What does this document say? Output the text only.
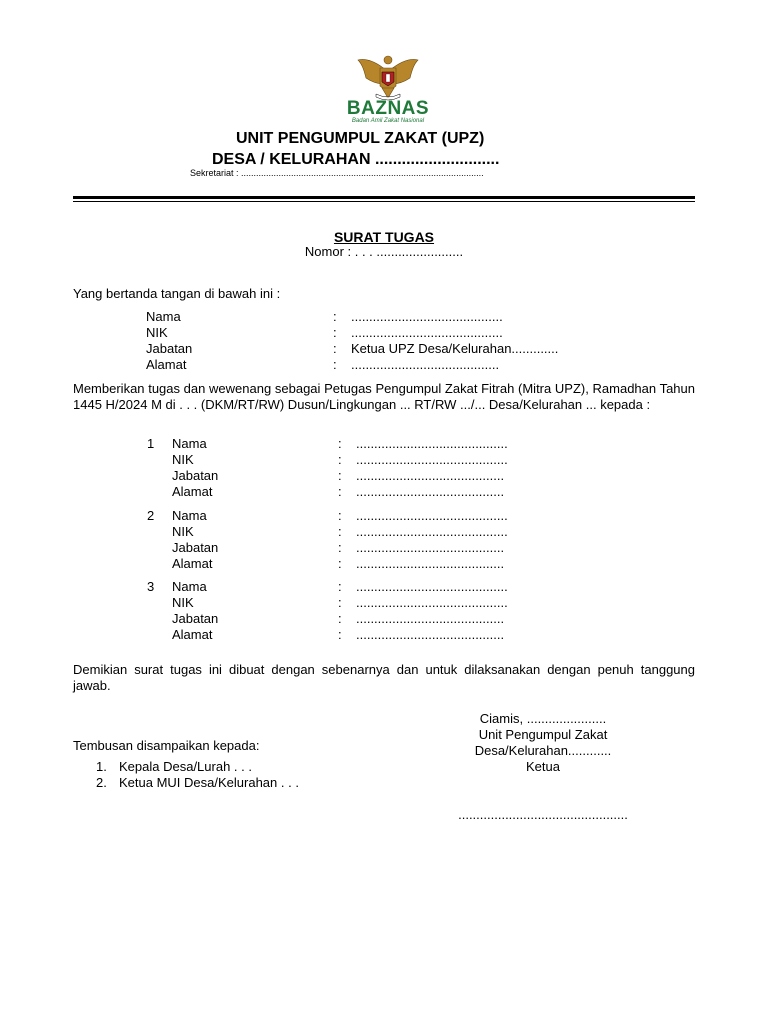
BAZNAS
Badan Amil Zakat Nasional
UNIT PENGUMPUL ZAKAT (UPZ)
DESA / KELURAHAN ............................
Sekretariat : .................................................................................................
SURAT TUGAS
Nomor : . . . ........................
Yang bertanda tangan di bawah ini :
Nama	: ..........................................
NIK	: ..........................................
Jabatan	: Ketua UPZ Desa/Kelurahan.............
Alamat	: .........................................
Memberikan tugas dan wewenang sebagai Petugas Pengumpul Zakat Fitrah (Mitra UPZ), Ramadhan Tahun 1445 H/2024 M di . . . (DKM/RT/RW) Dusun/Lingkungan ... RT/RW .../... Desa/Kelurahan ... kepada :
1 Nama	: ..........................................
NIK	: ..........................................
Jabatan	: .........................................
Alamat	: .........................................
2 Nama	: ..........................................
NIK	: ..........................................
Jabatan	: .........................................
Alamat	: .........................................
3 Nama	: ..........................................
NIK	: ..........................................
Jabatan	: .........................................
Alamat	: .........................................
Demikian surat tugas ini dibuat dengan sebenarnya dan untuk dilaksanakan dengan penuh tanggung jawab.
Ciamis, ......................
Unit Pengumpul Zakat
Desa/Kelurahan............
Ketua
...............................................
Tembusan disampaikan kepada:
1. Kepala Desa/Lurah . . .
2. Ketua MUI Desa/Kelurahan . . .
